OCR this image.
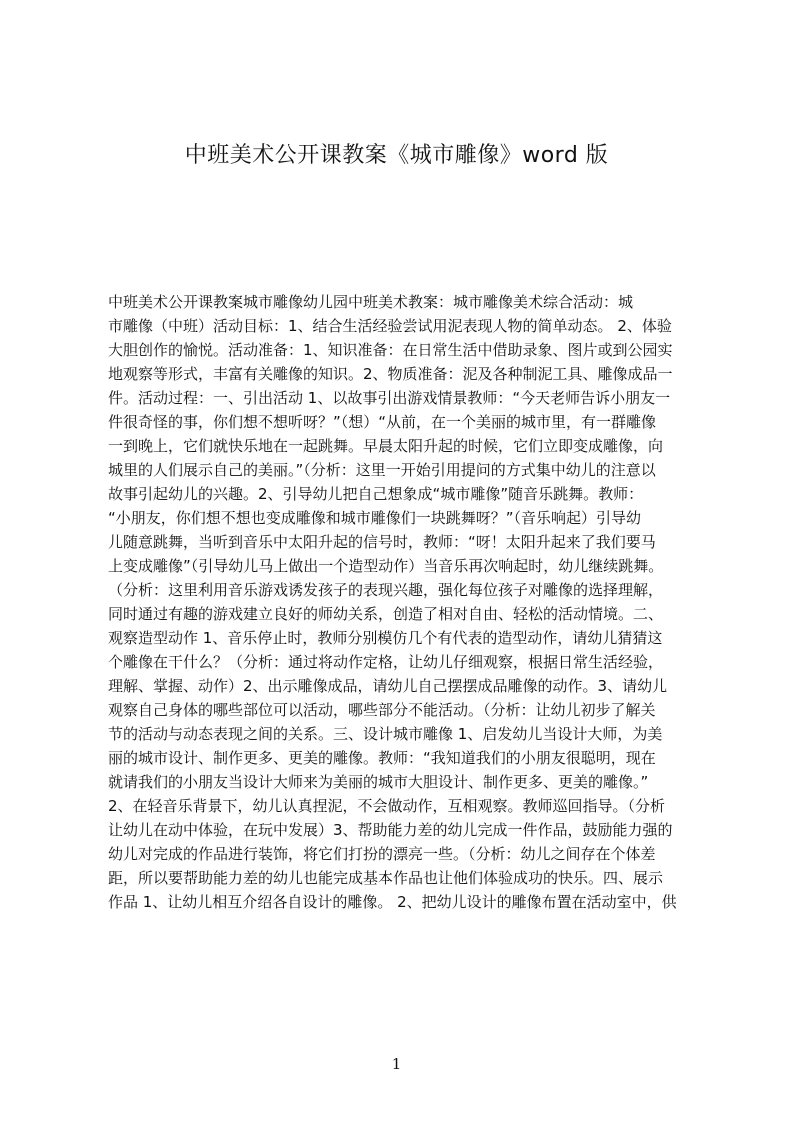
中班美术公开课教案《城市雕像》word 版
中班美术公开课教案城市雕像幼儿园中班美术教案：城市雕像美术综合活动：城
市雕像（中班）活动目标：1、结合生活经验尝试用泥表现人物的简单动态。 2、体验
大胆创作的愉悦。活动准备：1、知识准备：在日常生活中借助录象、图片或到公园实
地观察等形式，丰富有关雕像的知识。2、物质准备：泥及各种制泥工具、雕像成品一
件。活动过程：一、引出活动 1、以故事引出游戏情景教师：“今天老师告诉小朋友一
件很奇怪的事，你们想不想听呀？”（想）“从前，在一个美丽的城市里，有一群雕像
一到晚上，它们就快乐地在一起跳舞。早晨太阳升起的时候，它们立即变成雕像，向
城里的人们展示自己的美丽。”（分析：这里一开始引用提问的方式集中幼儿的注意以
故事引起幼儿的兴趣。2、引导幼儿把自己想象成“城市雕像”随音乐跳舞。教师：
“小朋友，你们想不想也变成雕像和城市雕像们一块跳舞呀？”（音乐响起）引导幼
儿随意跳舞，当听到音乐中太阳升起的信号时，教师：“呀！太阳升起来了我们要马
上变成雕像”（引导幼儿马上做出一个造型动作）当音乐再次响起时，幼儿继续跳舞。
（分析：这里利用音乐游戏诱发孩子的表现兴趣，强化每位孩子对雕像的选择理解，
同时通过有趣的游戏建立良好的师幼关系，创造了相对自由、轻松的活动情境。二、
观察造型动作 1、音乐停止时，教师分别模仿几个有代表的造型动作，请幼儿猜猜这
个雕像在干什么？（分析：通过将动作定格，让幼儿仔细观察，根据日常生活经验，
理解、掌握、动作）2、出示雕像成品，请幼儿自己摆摆成品雕像的动作。3、请幼儿
观察自己身体的哪些部位可以活动，哪些部分不能活动。（分析：让幼儿初步了解关
节的活动与动态表现之间的关系。三、设计城市雕像 1、启发幼儿当设计大师，为美
丽的城市设计、制作更多、更美的雕像。教师：“我知道我们的小朋友很聪明，现在
就请我们的小朋友当设计大师来为美丽的城市大胆设计、制作更多、更美的雕像。”
2、在轻音乐背景下，幼儿认真捏泥，不会做动作，互相观察。教师巡回指导。（分析
让幼儿在动中体验，在玩中发展）3、帮助能力差的幼儿完成一件作品，鼓励能力强的
幼儿对完成的作品进行装饰，将它们打扮的漂亮一些。（分析：幼儿之间存在个体差
距，所以要帮助能力差的幼儿也能完成基本作品也让他们体验成功的快乐。四、展示
作品 1、让幼儿相互介绍各自设计的雕像。 2、把幼儿设计的雕像布置在活动室中，供
1
